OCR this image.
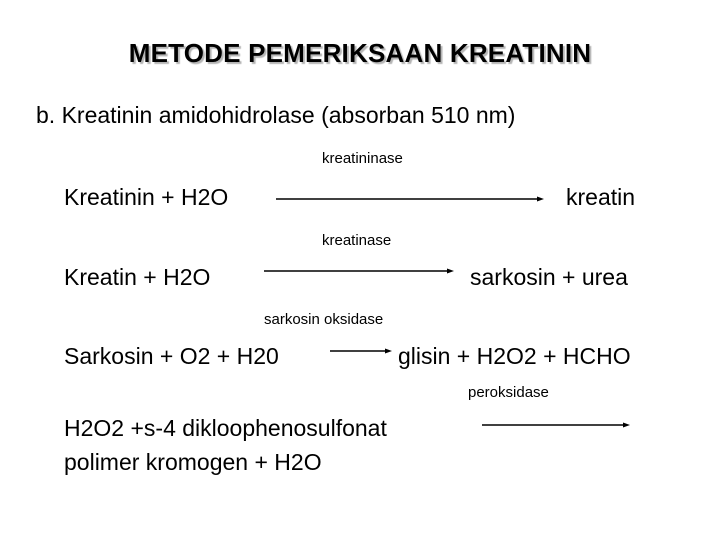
METODE PEMERIKSAAN KREATININ
b. Kreatinin amidohidrolase (absorban 510 nm)
kreatininase
Kreatinin + H2O	kreatin
kreatinase
Kreatin + H2O	sarkosin + urea
sarkosin oksidase
Sarkosin + O2 + H20	→ glisin + H2O2 + HCHO
peroksidase
H2O2 +s-4 dikloophenosulfonat
polimer kromogen + H2O
